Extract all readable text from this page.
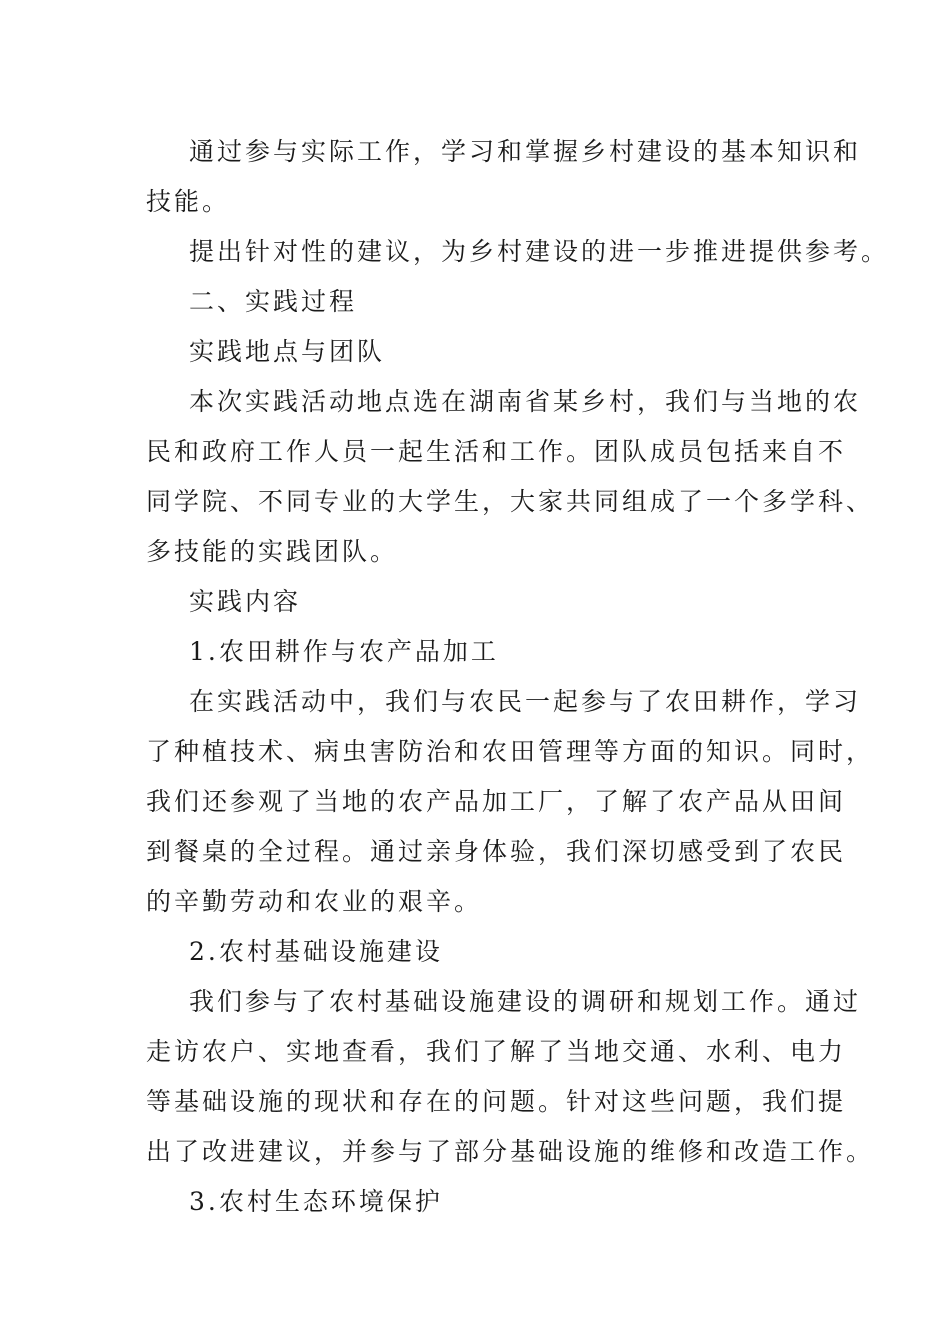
通过参与实际工作，学习和掌握乡村建设的基本知识和
技能。
提出针对性的建议，为乡村建设的进一步推进提供参考。
二、实践过程
实践地点与团队
本次实践活动地点选在湖南省某乡村，我们与当地的农
民和政府工作人员一起生活和工作。团队成员包括来自不
同学院、不同专业的大学生，大家共同组成了一个多学科、
多技能的实践团队。
实践内容
1.农田耕作与农产品加工
在实践活动中，我们与农民一起参与了农田耕作，学习
了种植技术、病虫害防治和农田管理等方面的知识。同时，
我们还参观了当地的农产品加工厂，了解了农产品从田间
到餐桌的全过程。通过亲身体验，我们深切感受到了农民
的辛勤劳动和农业的艰辛。
2.农村基础设施建设
我们参与了农村基础设施建设的调研和规划工作。通过
走访农户、实地查看，我们了解了当地交通、水利、电力
等基础设施的现状和存在的问题。针对这些问题，我们提
出了改进建议，并参与了部分基础设施的维修和改造工作。
3.农村生态环境保护
